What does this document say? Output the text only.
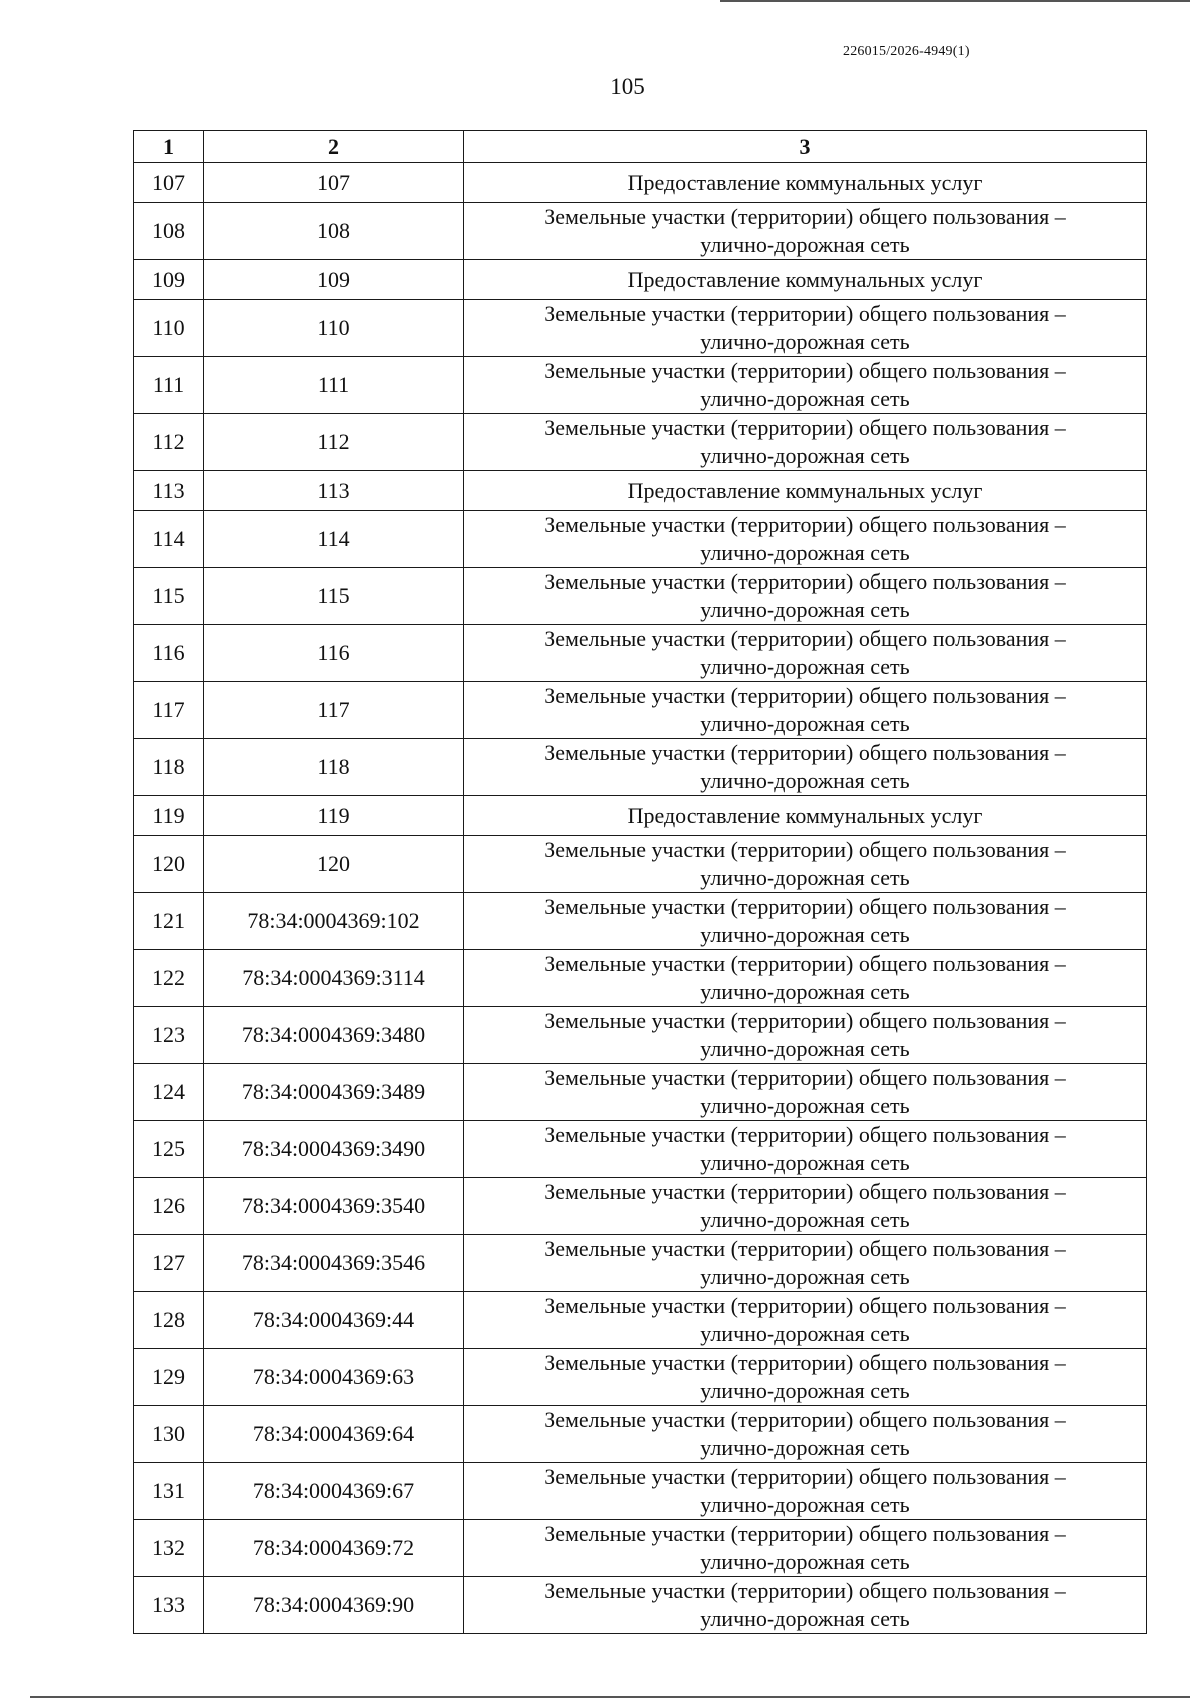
226015/2026-4949(1)
105
1	2	3
107	107	Предоставление коммунальных услуг

108	108	Земельные участки (территории) общего пользования –
улично-дорожная сеть

109	109	Предоставление коммунальных услуг

110	110	Земельные участки (территории) общего пользования –
улично-дорожная сеть

111	111	Земельные участки (территории) общего пользования –
улично-дорожная сеть

112	112	Земельные участки (территории) общего пользования –
улично-дорожная сеть

113	113	Предоставление коммунальных услуг

114	114	Земельные участки (территории) общего пользования –
улично-дорожная сеть

115	115	Земельные участки (территории) общего пользования –
улично-дорожная сеть

116	116	Земельные участки (территории) общего пользования –
улично-дорожная сеть

117	117	Земельные участки (территории) общего пользования –
улично-дорожная сеть

118	118	Земельные участки (территории) общего пользования –
улично-дорожная сеть

119	119	Предоставление коммунальных услуг

120	120	Земельные участки (территории) общего пользования –
улично-дорожная сеть

121	78:34:0004369:102	Земельные участки (территории) общего пользования –
улично-дорожная сеть

122	78:34:0004369:3114	Земельные участки (территории) общего пользования –
улично-дорожная сеть

123	78:34:0004369:3480	Земельные участки (территории) общего пользования –
улично-дорожная сеть

124	78:34:0004369:3489	Земельные участки (территории) общего пользования –
улично-дорожная сеть

125	78:34:0004369:3490	Земельные участки (территории) общего пользования –
улично-дорожная сеть

126	78:34:0004369:3540	Земельные участки (территории) общего пользования –
улично-дорожная сеть

127	78:34:0004369:3546	Земельные участки (территории) общего пользования –
улично-дорожная сеть

128	78:34:0004369:44	Земельные участки (территории) общего пользования –
улично-дорожная сеть

129	78:34:0004369:63	Земельные участки (территории) общего пользования –
улично-дорожная сеть

130	78:34:0004369:64	Земельные участки (территории) общего пользования –
улично-дорожная сеть

131	78:34:0004369:67	Земельные участки (территории) общего пользования –
улично-дорожная сеть

132	78:34:0004369:72	Земельные участки (территории) общего пользования –
улично-дорожная сеть

133	78:34:0004369:90	Земельные участки (территории) общего пользования –
улично-дорожная сеть
